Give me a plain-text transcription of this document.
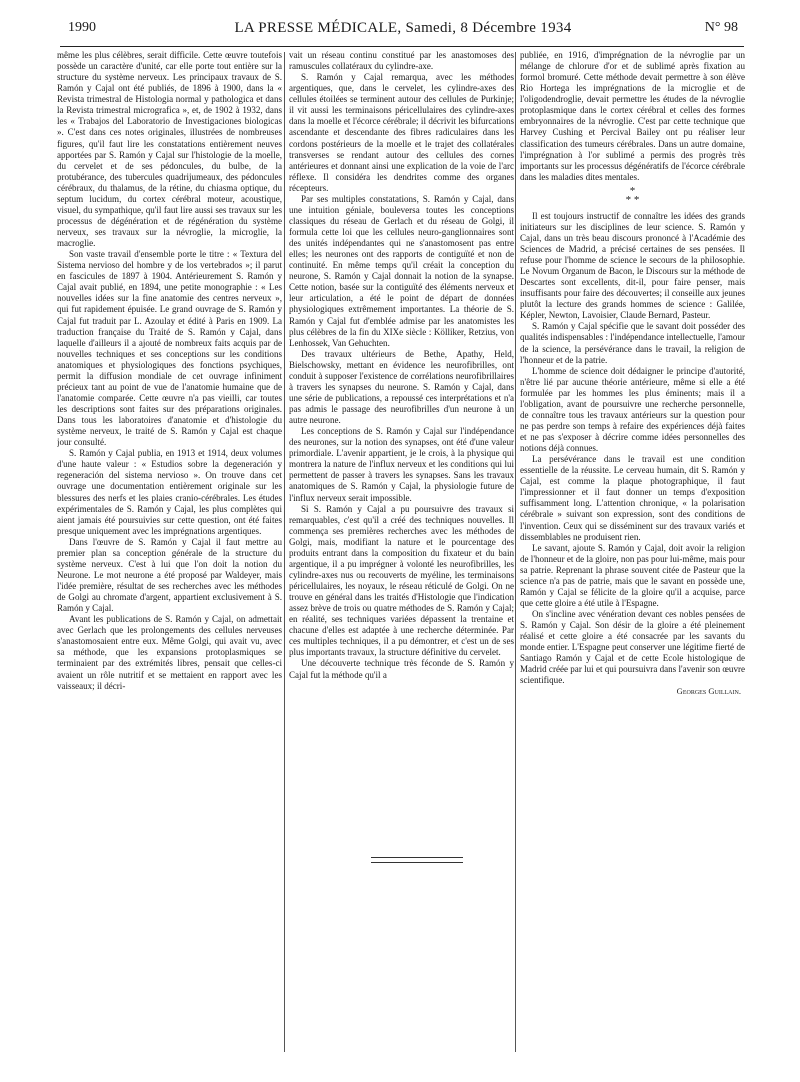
1990	LA PRESSE MÉDICALE, Samedi, 8 Décembre 1934	N° 98

même les plus célèbres, serait difficile. Cette œuvre toutefois possède un caractère d'unité, car elle porte tout entière sur la structure du système nerveux. Les principaux travaux de S. Ramón y Cajal ont été publiés, de 1896 à 1900, dans la « Revista trimestral de Histologia normal y pathologica et dans la Revista trimestral micrografica », et, de 1902 à 1932, dans les « Trabajos del Laboratorio de Investigaciones biologicas ». C'est dans ces notes originales, illustrées de nombreuses figures, qu'il faut lire les constatations entièrement neuves apportées par S. Ramón y Cajal sur l'histologie de la moelle, du cervelet et de ses pédoncules, du bulbe, de la protubérance, des tubercules quadrijumeaux, des pédoncules cérébraux, du thalamus, de la rétine, du chiasma optique, du septum lucidum, du cortex cérébral moteur, acoustique, visuel, du sympathique, qu'il faut lire aussi ses travaux sur les processus de dégénération et de régénération du système nerveux, ses travaux sur la névroglie, la microglie, la macroglie.

Son vaste travail d'ensemble porte le titre : « Textura del Sistema nervioso del hombre y de los vertebrados »; il parut en fascicules de 1897 à 1904. Antérieurement S. Ramón y Cajal avait publié, en 1894, une petite monographie : « Les nouvelles idées sur la fine anatomie des centres nerveux », qui fut rapidement épuisée. Le grand ouvrage de S. Ramón y Cajal fut traduit par L. Azoulay et édité à Paris en 1909. La traduction française du Traité de S. Ramón y Cajal, dans laquelle d'ailleurs il a ajouté de nombreux faits acquis par de nouvelles techniques et ses conceptions sur les conditions anatomiques et physiologiques des fonctions psychiques, permit la diffusion mondiale de cet ouvrage infiniment précieux tant au point de vue de l'anatomie humaine que de l'anatomie comparée. Cette œuvre n'a pas vieilli, car toutes les descriptions sont faites sur des préparations originales. Dans tous les laboratoires d'anatomie et d'histologie du système nerveux, le traité de S. Ramón y Cajal est chaque jour consulté.

S. Ramón y Cajal publia, en 1913 et 1914, deux volumes d'une haute valeur : « Estudios sobre la degeneración y regeneración del sistema nervioso ». On trouve dans cet ouvrage une documentation entièrement originale sur les blessures des nerfs et les plaies cranio-cérébrales. Les études expérimentales de S. Ramón y Cajal, les plus complètes qui aient jamais été poursuivies sur cette question, ont été faites presque uniquement avec les imprégnations argentiques.

Dans l'œuvre de S. Ramón y Cajal il faut mettre au premier plan sa conception générale de la structure du système nerveux. C'est à lui que l'on doit la notion du Neurone. Le mot neurone a été proposé par Waldeyer, mais l'idée première, résultat de ses recherches avec les méthodes de Golgi au chromate d'argent, appartient exclusivement à S. Ramón y Cajal.

Avant les publications de S. Ramón y Cajal, on admettait avec Gerlach que les prolongements des cellules nerveuses s'anastomosaient entre eux. Même Golgi, qui avait vu, avec sa méthode, que les expansions protoplasmiques se terminaient par des extrémités libres, pensait que celles-ci avaient un rôle nutritif et se mettaient en rapport avec les vaisseaux; il décri-

vait un réseau continu constitué par les anastomoses des ramuscules collatéraux du cylindre-axe.

S. Ramón y Cajal remarqua, avec les méthodes argentiques, que, dans le cervelet, les cylindre-axes des cellules étoilées se terminent autour des cellules de Purkinje; il vit aussi les terminaisons péricellulaires des cylindre-axes dans la moelle et l'écorce cérébrale; il décrivit les bifurcations ascendante et descendante des fibres radiculaires dans les cordons postérieurs de la moelle et le trajet des collatérales transverses se rendant autour des cellules des cornes antérieures et donnant ainsi une explication de la voie de l'arc réflexe. Il considéra les dendrites comme des organes récepteurs.

Par ses multiples constatations, S. Ramón y Cajal, dans une intuition géniale, bouleversa toutes les conceptions classiques du réseau de Gerlach et du réseau de Golgi, il formula cette loi que les cellules neuro-ganglionnaires sont des unités indépendantes qui ne s'anastomosent pas entre elles; les neurones ont des rapports de contiguïté et non de continuité. En même temps qu'il créait la conception du neurone, S. Ramón y Cajal donnait la notion de la synapse. Cette notion, basée sur la contiguïté des éléments nerveux et leur articulation, a été le point de départ de données physiologiques extrêmement importantes. La théorie de S. Ramón y Cajal fut d'emblée admise par les anatomistes les plus célèbres de la fin du XIXe siècle : Kölliker, Retzius, von Lenhossek, Van Gehuchten.

Des travaux ultérieurs de Bethe, Apathy, Held, Bielschowsky, mettant en évidence les neurofibrilles, ont conduit à supposer l'existence de corrélations neurofibrillaires à travers les synapses du neurone. S. Ramón y Cajal, dans une série de publications, a repoussé ces interprétations et n'a pas admis le passage des neurofibrilles d'un neurone à un autre neurone.

Les conceptions de S. Ramón y Cajal sur l'indépendance des neurones, sur la notion des synapses, ont été d'une valeur primordiale. L'avenir appartient, je le crois, à la physique qui montrera la nature de l'influx nerveux et les conditions qui lui permettent de passer à travers les synapses. Sans les travaux anatomiques de S. Ramón y Cajal, la physiologie future de l'influx nerveux serait impossible.

Si S. Ramón y Cajal a pu poursuivre des travaux si remarquables, c'est qu'il a créé des techniques nouvelles. Il commença ses premières recherches avec les méthodes de Golgi, mais, modifiant la nature et le pourcentage des produits entrant dans la composition du fixateur et du bain argentique, il a pu imprégner à volonté les neurofibrilles, les cylindre-axes nus ou recouverts de myéline, les terminaisons péricellulaires, les noyaux, le réseau réticulé de Golgi. On ne trouve en général dans les traités d'Histologie que l'indication assez brève de trois ou quatre méthodes de S. Ramón y Cajal; en réalité, ses techniques variées dépassent la trentaine et chacune d'elles est adaptée à une recherche déterminée. Par ces multiples techniques, il a pu démontrer, et c'est un de ses plus importants travaux, la structure définitive du cervelet.

Une découverte technique très féconde de S. Ramón y Cajal fut la méthode qu'il a

publiée, en 1916, d'imprégnation de la névroglie par un mélange de chlorure d'or et de sublimé après fixation au formol bromuré. Cette méthode devait permettre à son élève Rio Hortega les imprégnations de la microglie et de l'oligodendroglie, devait permettre les études de la névroglie protoplasmique dans le cortex cérébral et celles des formes embryonnaires de la névroglie. C'est par cette technique que Harvey Cushing et Percival Bailey ont pu réaliser leur classification des tumeurs cérébrales. Dans un autre domaine, l'imprégnation à l'or sublimé a permis des progrès très importants sur les processus dégénératifs de l'écorce cérébrale dans les maladies dites mentales.

*
* *

Il est toujours instructif de connaître les idées des grands initiateurs sur les disciplines de leur science. S. Ramón y Cajal, dans un très beau discours prononcé à l'Académie des Sciences de Madrid, a précisé certaines de ses pensées. Il refuse pour l'homme de science le secours de la philosophie. Le Novum Organum de Bacon, le Discours sur la méthode de Descartes sont excellents, dit-il, pour faire penser, mais insuffisants pour faire des découvertes; il conseille aux jeunes plutôt la lecture des grands hommes de science : Galilée, Képler, Newton, Lavoisier, Claude Bernard, Pasteur.

S. Ramón y Cajal spécifie que le savant doit posséder des qualités indispensables : l'indépendance intellectuelle, l'amour de la science, la persévérance dans le travail, la religion de l'honneur et de la patrie.

L'homme de science doit dédaigner le principe d'autorité, n'être lié par aucune théorie antérieure, même si elle a été formulée par les hommes les plus éminents; mais il a l'obligation, avant de poursuivre une recherche personnelle, de connaître tous les travaux antérieurs sur la question pour ne pas perdre son temps à refaire des expériences déjà faites et ne pas s'exposer à décrire comme idées personnelles des notions déjà connues.

La persévérance dans le travail est une condition essentielle de la réussite. Le cerveau humain, dit S. Ramón y Cajal, est comme la plaque photographique, il faut l'impressionner et il faut donner un temps d'exposition suffisamment long. L'attention chronique, « la polarisation cérébrale » suivant son expression, sont des conditions de l'invention. Ceux qui se disséminent sur des travaux variés et dissemblables ne produisent rien.

Le savant, ajoute S. Ramón y Cajal, doit avoir la religion de l'honneur et de la gloire, non pas pour lui-même, mais pour sa patrie. Reprenant la phrase souvent citée de Pasteur que la science n'a pas de patrie, mais que le savant en possède une, Ramón y Cajal se félicite de la gloire qu'il a acquise, parce que cette gloire a été utile à l'Espagne.

On s'incline avec vénération devant ces nobles pensées de S. Ramón y Cajal. Son désir de la gloire a été pleinement réalisé et cette gloire a été consacrée par les savants du monde entier. L'Espagne peut conserver une légitime fierté de Santiago Ramón y Cajal et de cette Ecole histologique de Madrid créée par lui et qui poursuivra dans l'avenir son œuvre scientifique.

Georges Guillain.
